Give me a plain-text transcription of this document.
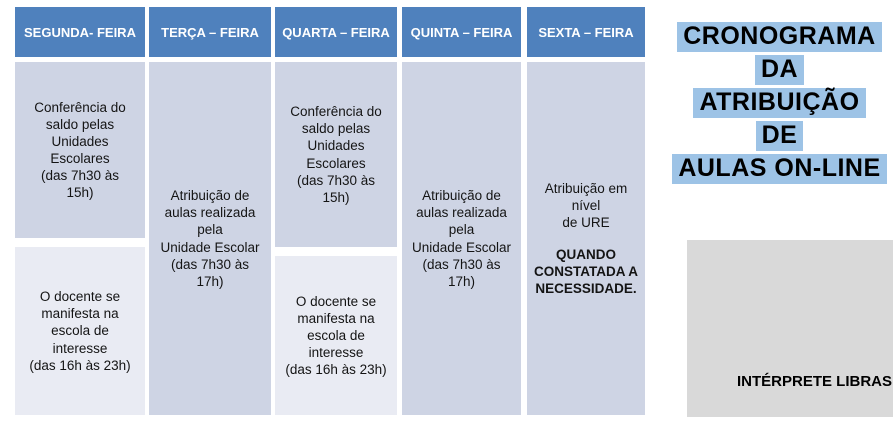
SEGUNDA- FEIRA
Conferência do
saldo pelas
Unidades
Escolares
(das 7h30 às
15h)
O docente se
manifesta na
escola de
interesse
(das 16h às 23h)
TERÇA – FEIRA
Atribuição de
aulas realizada
pela
Unidade Escolar
(das 7h30 às
17h)
QUARTA – FEIRA
Conferência do
saldo pelas
Unidades
Escolares
(das 7h30 às
15h)
O docente se
manifesta na
escola de
interesse
(das 16h às 23h)
QUINTA – FEIRA
Atribuição de
aulas realizada
pela
Unidade Escolar
(das 7h30 às
17h)
SEXTA – FEIRA
Atribuição em
nível
de URE
QUANDO
CONSTATADA A
NECESSIDADE.
CRONOGRAMA
DA
ATRIBUIÇÃO
DE
AULAS ON-LINE
INTÉRPRETE LIBRAS
